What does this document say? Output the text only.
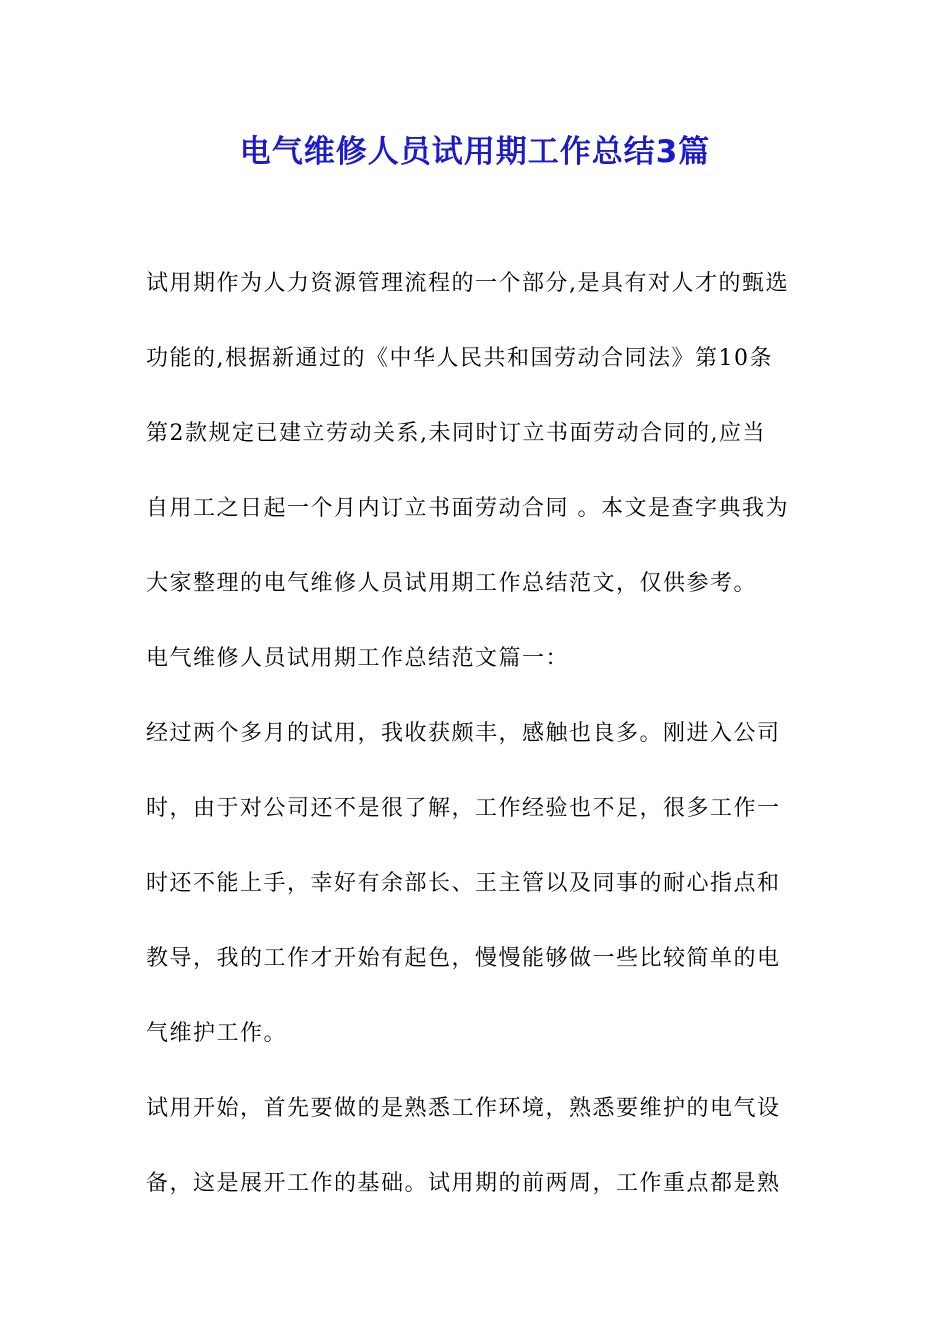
电气维修人员试用期工作总结3篇
试用期作为人力资源管理流程的一个部分,是具有对人才的甄选
功能的,根据新通过的《中华人民共和国劳动合同法》第10条
第2款规定已建立劳动关系,未同时订立书面劳动合同的,应当
自用工之日起一个月内订立书面劳动合同 。本文是查字典我为
大家整理的电气维修人员试用期工作总结范文，仅供参考。
电气维修人员试用期工作总结范文篇一：
经过两个多月的试用，我收获颇丰，感触也良多。刚进入公司
时，由于对公司还不是很了解，工作经验也不足，很多工作一
时还不能上手，幸好有余部长、王主管以及同事的耐心指点和
教导，我的工作才开始有起色，慢慢能够做一些比较简单的电
气维护工作。
试用开始，首先要做的是熟悉工作环境，熟悉要维护的电气设
备，这是展开工作的基础。试用期的前两周，工作重点都是熟
